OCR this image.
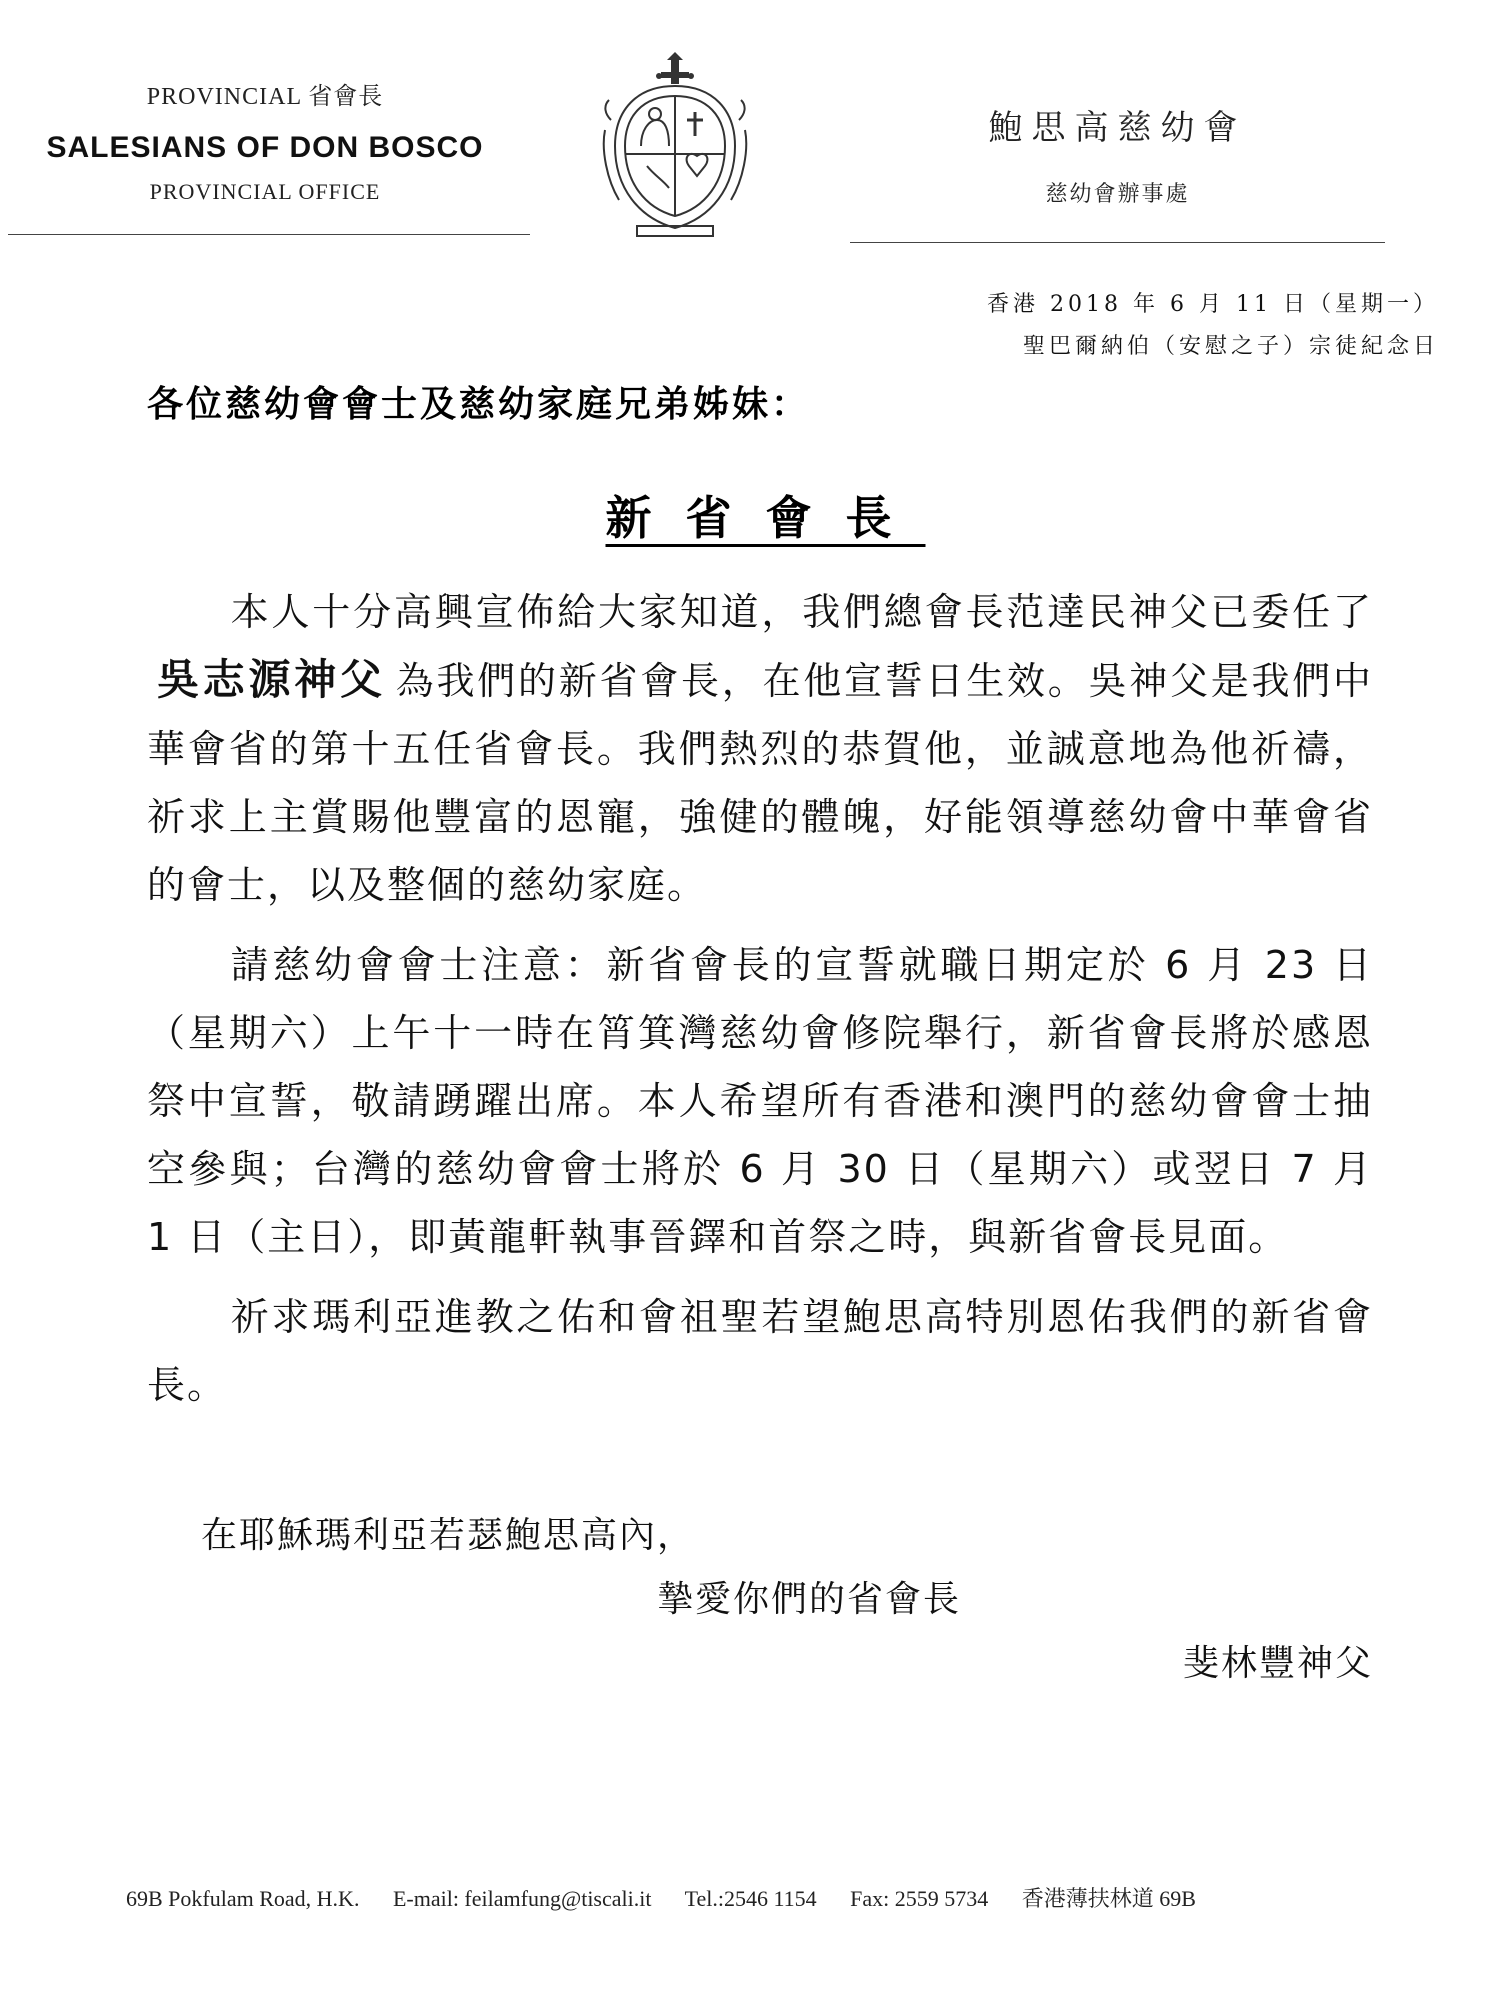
PROVINCIAL 省會長
SALESIANS OF DON BOSCO
PROVINCIAL OFFICE
鮑思高慈幼會
慈幼會辦事處
香港 2018 年 6 月 11 日（星期一）
聖巴爾納伯（安慰之子）宗徒紀念日
各位慈幼會會士及慈幼家庭兄弟姊妹：
新省會長

本人十分高興宣佈給大家知道，我們總會長范達民神父已委任了吳志源神父 為我們的新省會長，在他宣誓日生效。吳神父是我們中華會省的第十五任省會長。我們熱烈的恭賀他，並誠意地為他祈禱，祈求上主賞賜他豐富的恩寵，強健的體魄，好能領導慈幼會中華會省的會士，以及整個的慈幼家庭。

請慈幼會會士注意：新省會長的宣誓就職日期定於 6 月 23 日（星期六）上午十一時在筲箕灣慈幼會修院舉行，新省會長將於感恩祭中宣誓，敬請踴躍出席。本人希望所有香港和澳門的慈幼會會士抽空參與；台灣的慈幼會會士將於 6 月 30 日（星期六）或翌日 7 月 1 日（主日），即黃龍軒執事晉鐸和首祭之時，與新省會長見面。

祈求瑪利亞進教之佑和會祖聖若望鮑思高特別恩佑我們的新省會長。

在耶穌瑪利亞若瑟鮑思高內，
摯愛你們的省會長
斐林豐神父
69B Pokfulam Road, H.K. E-mail: feilamfung@tiscali.it Tel.:2546 1154 Fax: 2559 5734 香港薄扶林道 69B
